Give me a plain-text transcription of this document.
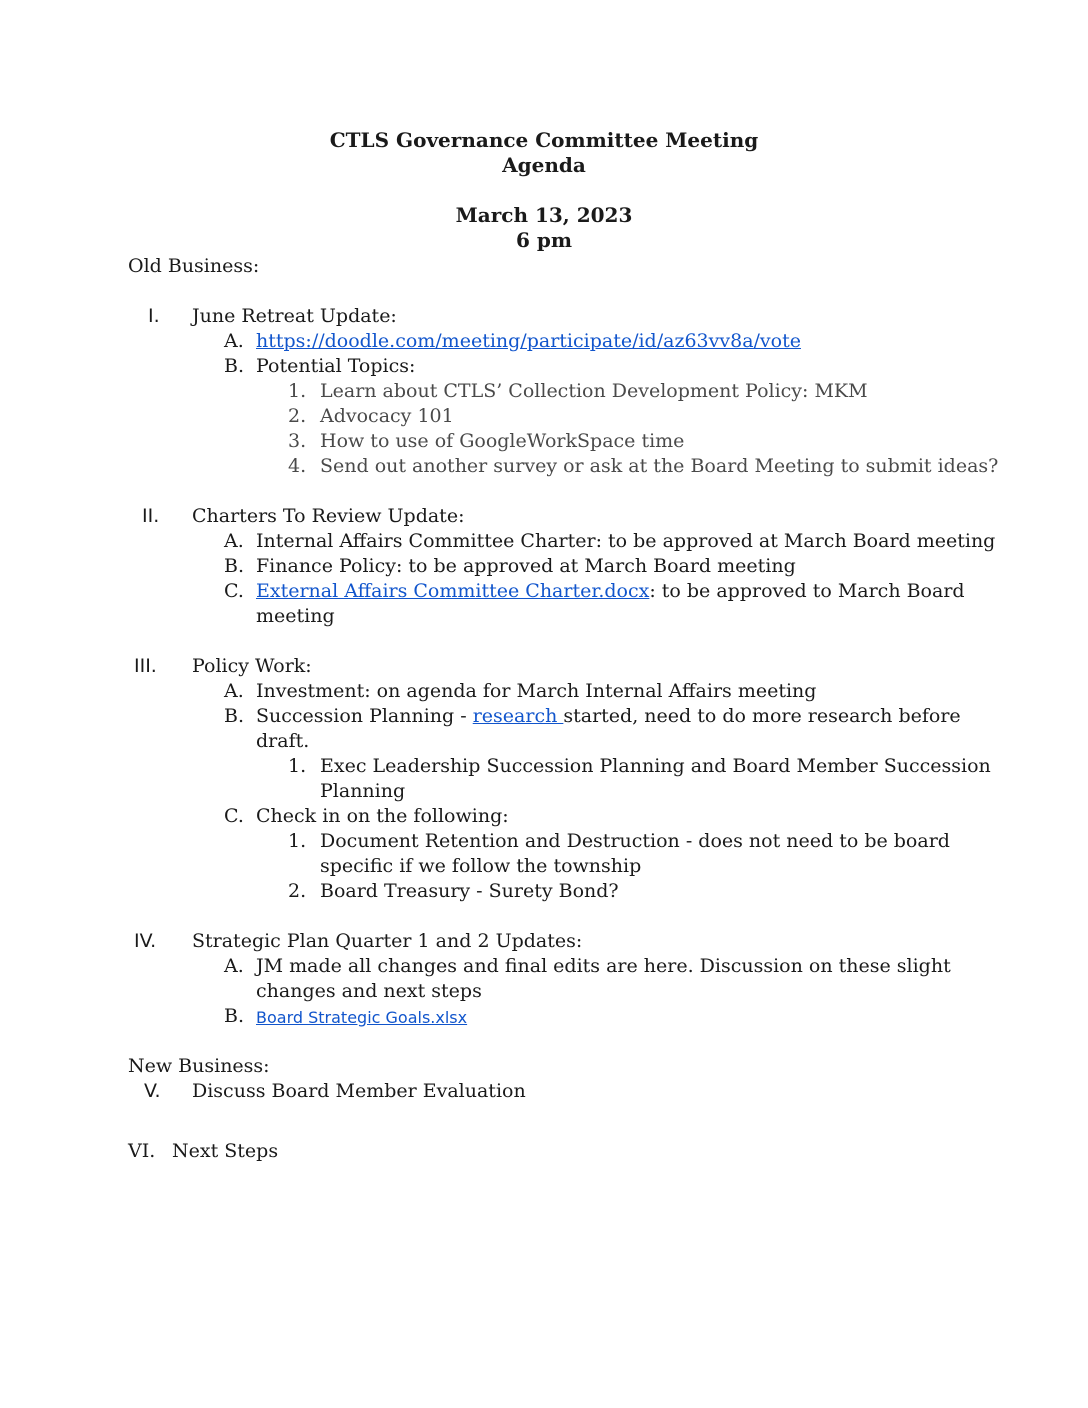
CTLS Governance Committee Meeting
Agenda
March 13, 2023
6 pm
Old Business:
I. June Retreat Update:
A. https://doodle.com/meeting/participate/id/az63vv8a/vote
B. Potential Topics:
1. Learn about CTLS’ Collection Development Policy: MKM
2. Advocacy 101
3. How to use of GoogleWorkSpace time
4. Send out another survey or ask at the Board Meeting to submit ideas?
II. Charters To Review Update:
A. Internal Affairs Committee Charter: to be approved at March Board meeting
B. Finance Policy: to be approved at March Board meeting
C. External Affairs Committee Charter.docx: to be approved to March Board
meeting
III. Policy Work:
A. Investment: on agenda for March Internal Affairs meeting
B. Succession Planning - research started, need to do more research before
draft.
1. Exec Leadership Succession Planning and Board Member Succession
Planning
C. Check in on the following:
1. Document Retention and Destruction - does not need to be board
specific if we follow the township
2. Board Treasury - Surety Bond?
IV. Strategic Plan Quarter 1 and 2 Updates:
A. JM made all changes and final edits are here. Discussion on these slight
changes and next steps
B. Board Strategic Goals.xlsx
New Business:
V. Discuss Board Member Evaluation
VI. Next Steps
